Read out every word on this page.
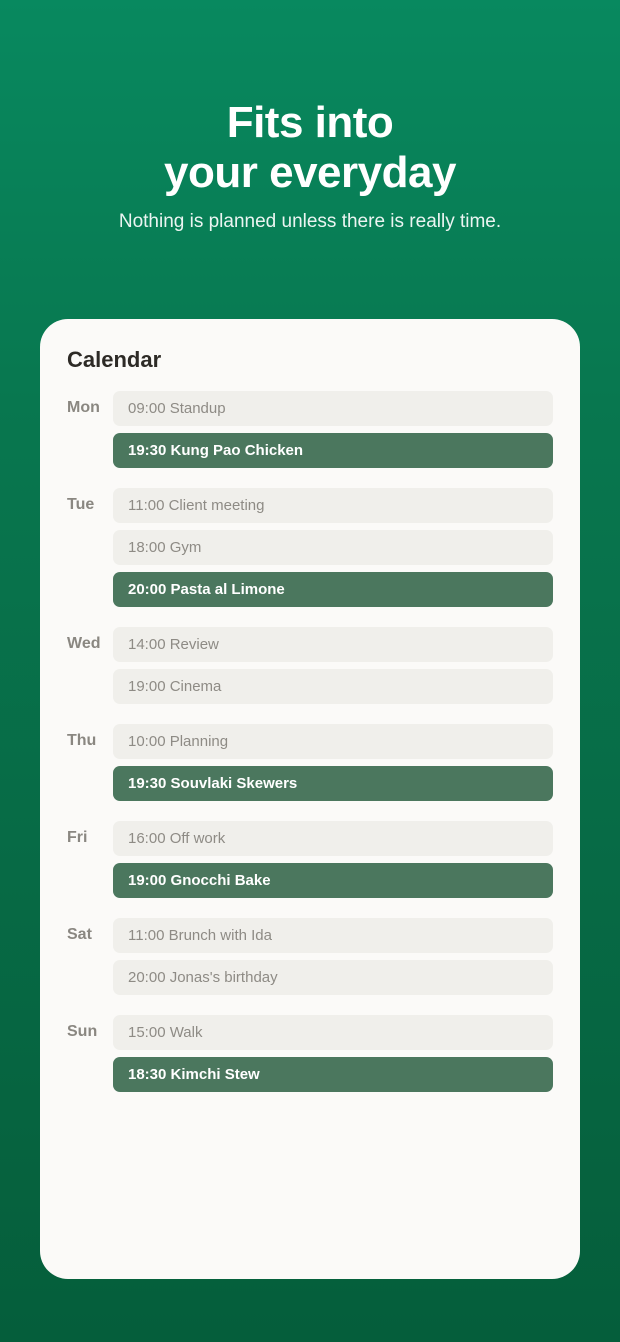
Fits into
your everyday
Nothing is planned unless there is really time.
Calendar
Mon	09:00 Standup
19:30 Kung Pao Chicken
Tue	11:00 Client meeting
18:00 Gym
20:00 Pasta al Limone
Wed	14:00 Review
19:00 Cinema
Thu	10:00 Planning
19:30 Souvlaki Skewers
Fri	16:00 Off work
19:00 Gnocchi Bake
Sat	11:00 Brunch with Ida
20:00 Jonas's birthday
Sun	15:00 Walk
18:30 Kimchi Stew
